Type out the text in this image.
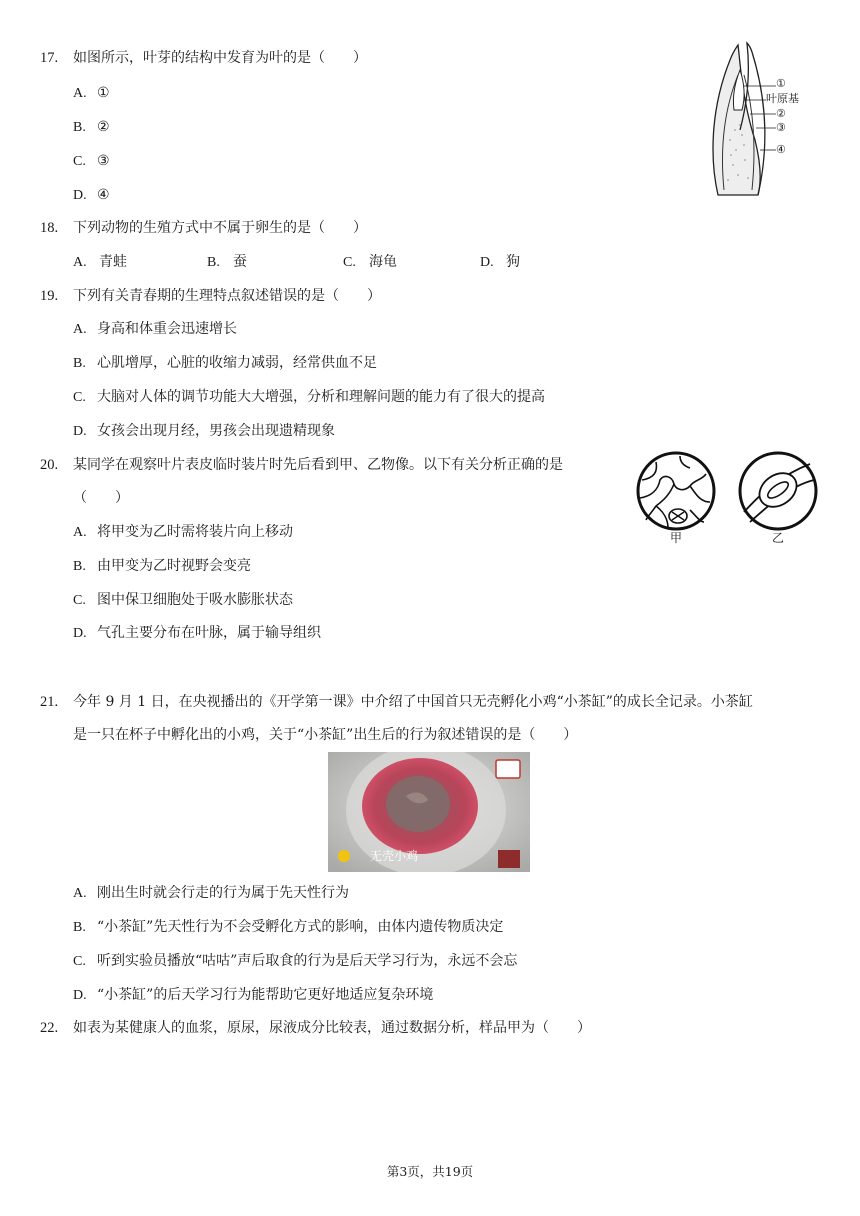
17. 如图所示，叶芽的结构中发育为叶的是（　　）
A. ①
B. ②
C. ③
D. ④
①
叶原基
②
③
④
18. 下列动物的生殖方式中不属于卵生的是（　　）
A. 青蛙	B. 蚕	C. 海龟	D. 狗
19. 下列有关青春期的生理特点叙述错误的是（　　）
A. 身高和体重会迅速增长
B. 心肌增厚，心脏的收缩力减弱，经常供血不足
C. 大脑对人体的调节功能大大增强，分析和理解问题的能力有了很大的提高
D. 女孩会出现月经，男孩会出现遗精现象
20. 某同学在观察叶片表皮临时装片时先后看到甲、乙物像。以下有关分析正确的是
（　　）
A. 将甲变为乙时需将装片向上移动
B. 由甲变为乙时视野会变亮
C. 图中保卫细胞处于吸水膨胀状态
D. 气孔主要分布在叶脉，属于输导组织
甲	乙
21. 今年 9 月 1 日，在央视播出的《开学第一课》中介绍了中国首只无壳孵化小鸡“小茶缸”的成长全记录。小茶缸
是一只在杯子中孵化出的小鸡，关于“小茶缸”出生后的行为叙述错误的是（　　）
无壳小鸡
A. 刚出生时就会行走的行为属于先天性行为
B. “小茶缸”先天性行为不会受孵化方式的影响，由体内遗传物质决定
C. 听到实验员播放“咕咕”声后取食的行为是后天学习行为，永远不会忘
D. “小茶缸”的后天学习行为能帮助它更好地适应复杂环境
22. 如表为某健康人的血浆，原尿，尿液成分比较表，通过数据分析，样品甲为（　　）
第3页，共19页
